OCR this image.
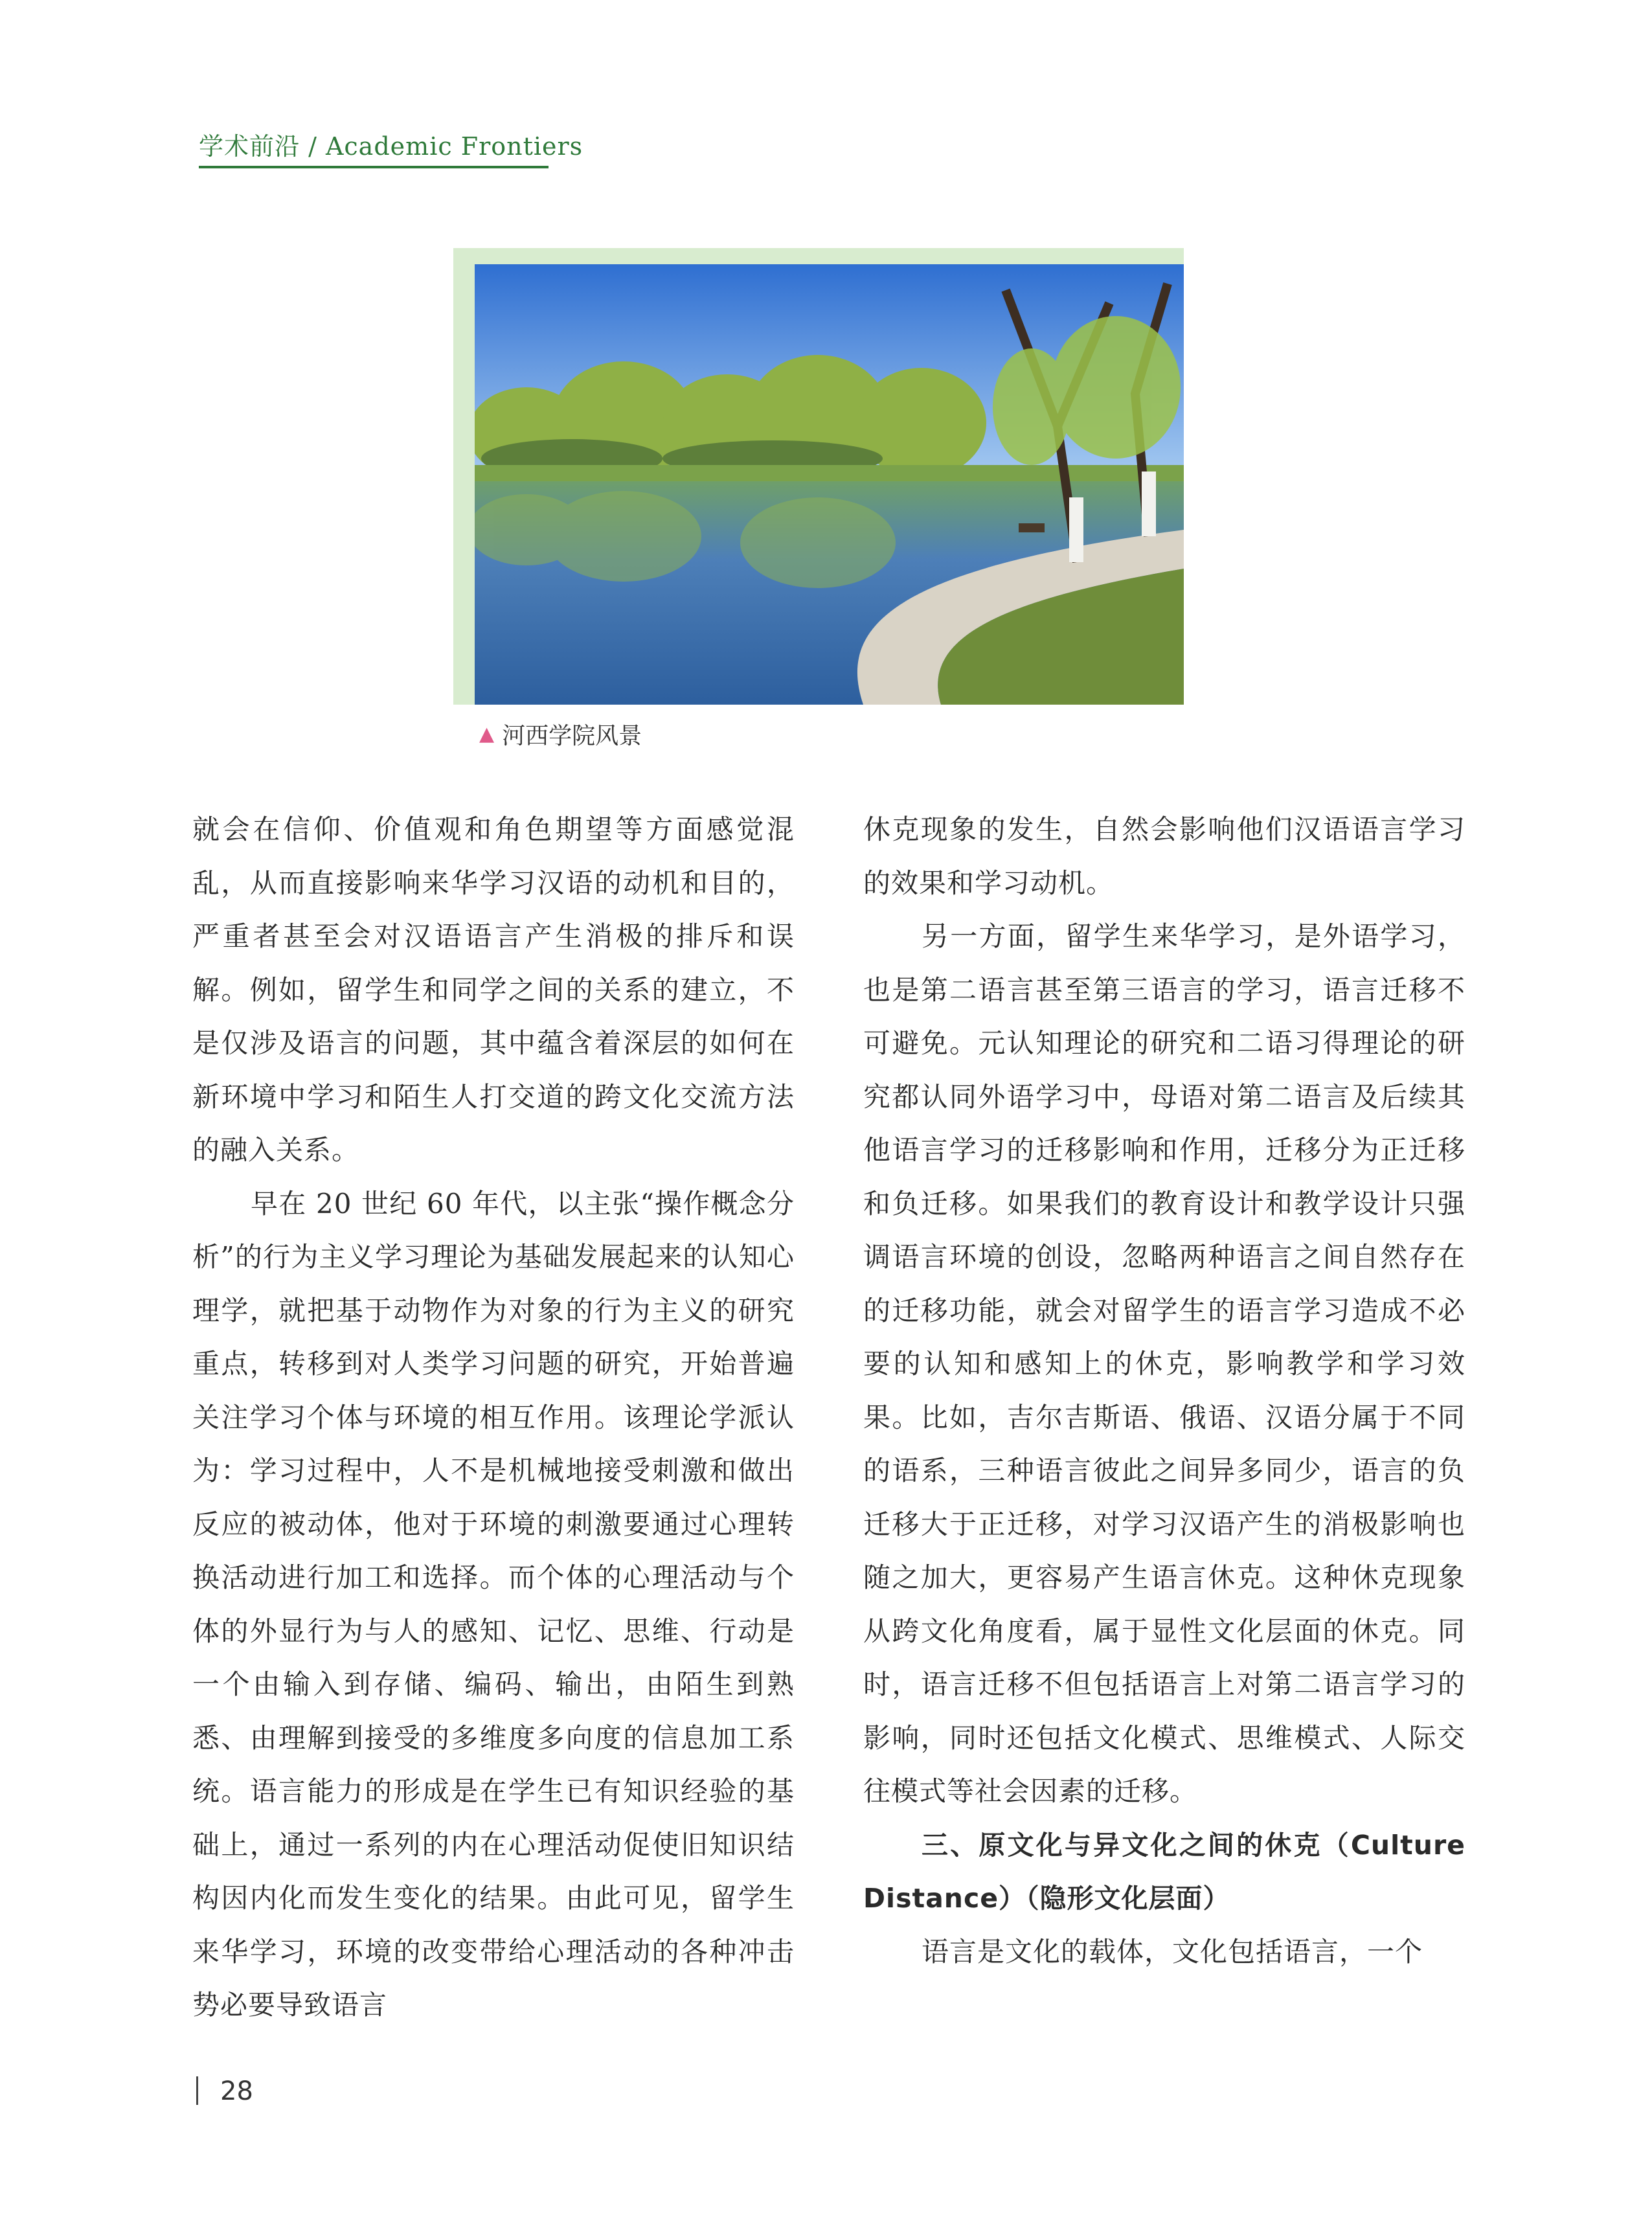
学术前沿 / Academic Frontiers
▲ 河西学院风景

就会在信仰、价值观和角色期望等方面感觉混乱，从而直接影响来华学习汉语的动机和目的，严重者甚至会对汉语语言产生消极的排斥和误解。例如，留学生和同学之间的关系的建立，不是仅涉及语言的问题，其中蕴含着深层的如何在新环境中学习和陌生人打交道的跨文化交流方法的融入关系。

早在 20 世纪 60 年代，以主张“操作概念分析”的行为主义学习理论为基础发展起来的认知心理学，就把基于动物作为对象的行为主义的研究重点，转移到对人类学习问题的研究，开始普遍关注学习个体与环境的相互作用。该理论学派认为：学习过程中，人不是机械地接受刺激和做出反应的被动体，他对于环境的刺激要通过心理转换活动进行加工和选择。而个体的心理活动与个体的外显行为与人的感知、记忆、思维、行动是一个由输入到存储、编码、输出，由陌生到熟悉、由理解到接受的多维度多向度的信息加工系统。语言能力的形成是在学生已有知识经验的基础上，通过一系列的内在心理活动促使旧知识结构因内化而发生变化的结果。由此可见，留学生来华学习，环境的改变带给心理活动的各种冲击势必要导致语言

休克现象的发生，自然会影响他们汉语语言学习的效果和学习动机。

另一方面，留学生来华学习，是外语学习，也是第二语言甚至第三语言的学习，语言迁移不可避免。元认知理论的研究和二语习得理论的研究都认同外语学习中，母语对第二语言及后续其他语言学习的迁移影响和作用，迁移分为正迁移和负迁移。如果我们的教育设计和教学设计只强调语言环境的创设，忽略两种语言之间自然存在的迁移功能，就会对留学生的语言学习造成不必要的认知和感知上的休克，影响教学和学习效果。比如，吉尔吉斯语、俄语、汉语分属于不同的语系，三种语言彼此之间异多同少，语言的负迁移大于正迁移，对学习汉语产生的消极影响也随之加大，更容易产生语言休克。这种休克现象从跨文化角度看，属于显性文化层面的休克。同时，语言迁移不但包括语言上对第二语言学习的影响，同时还包括文化模式、思维模式、人际交往模式等社会因素的迁移。

三、原文化与异文化之间的休克（Culture Distance）（隐形文化层面）

语言是文化的载体，文化包括语言，一个

28
